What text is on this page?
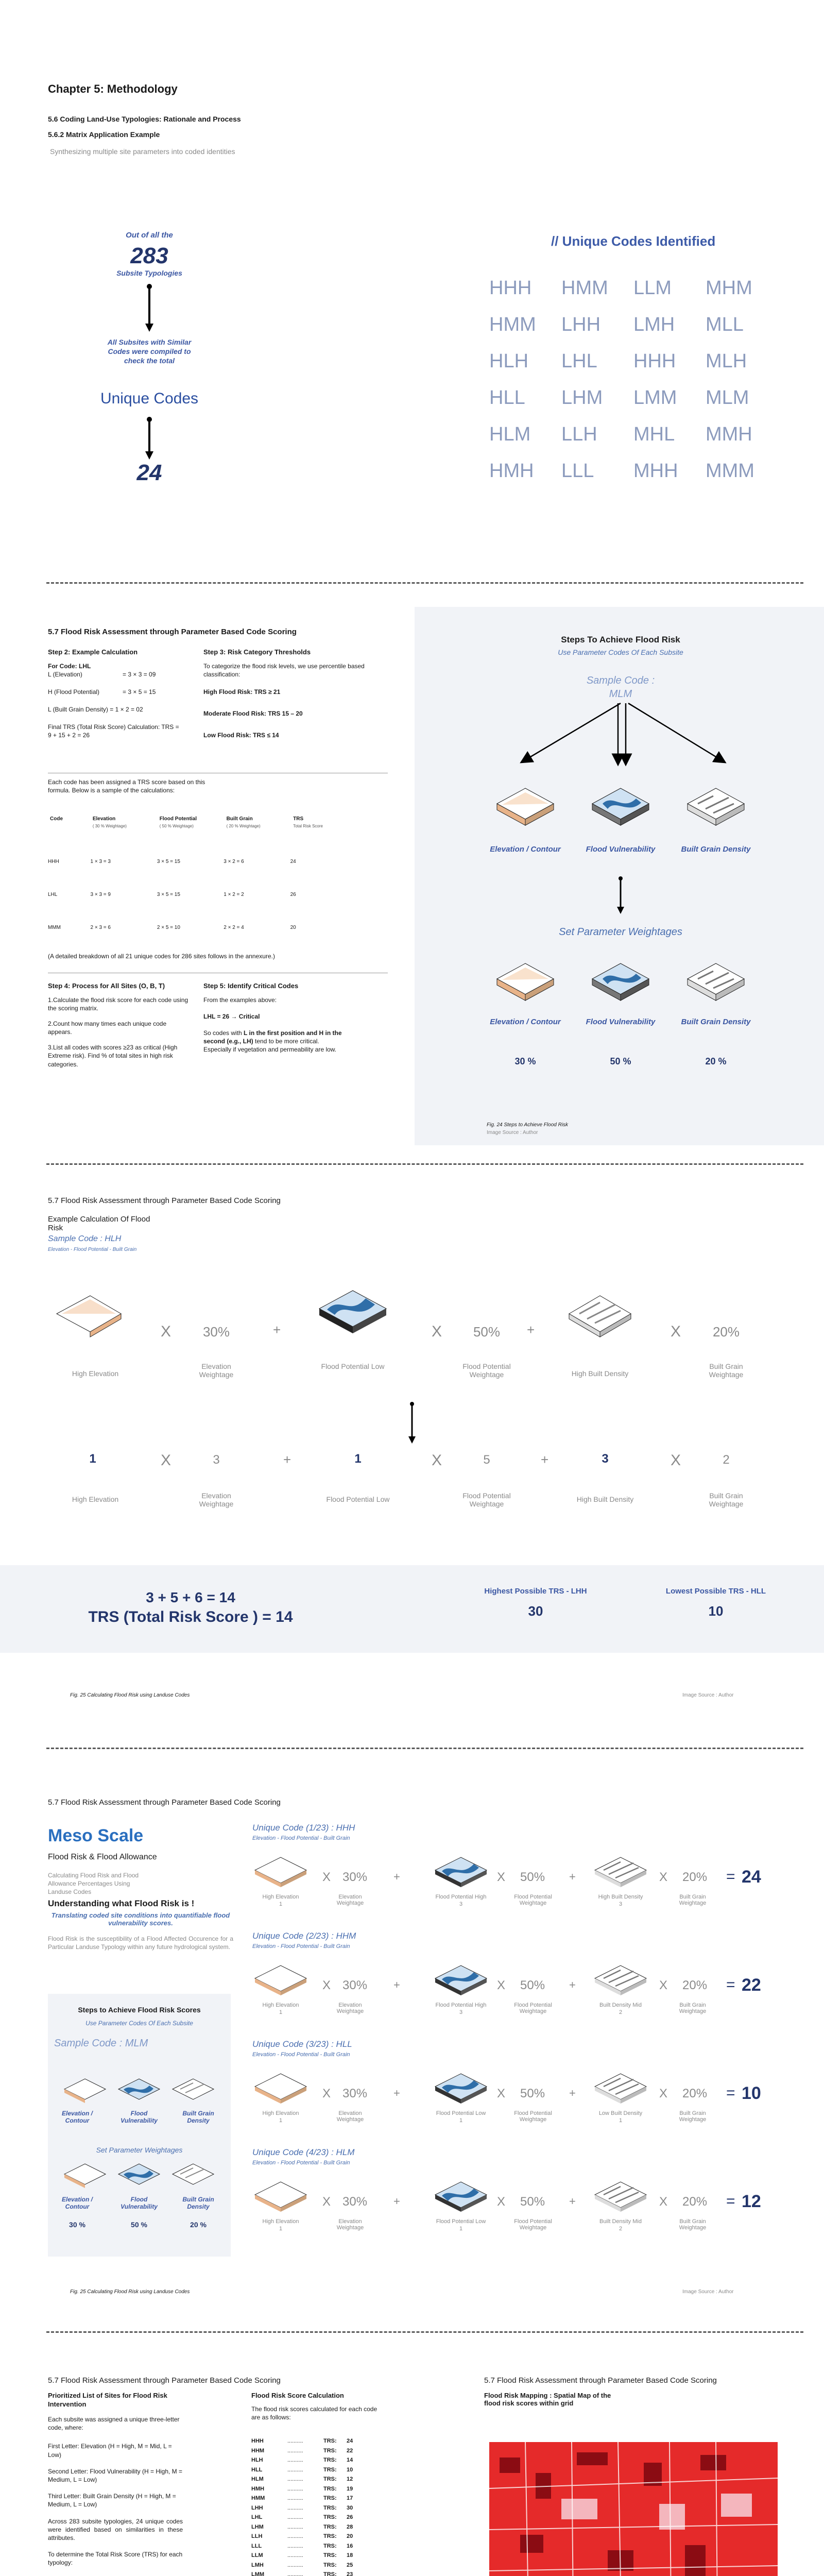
Chapter 5: Methodology
5.6 Coding Land-Use Typologies: Rationale and Process
5.6.2 Matrix Application Example
Synthesizing multiple site parameters into coded identities
Out of all the
283
Subsite Typologies
All Subsites with Similar Codes were compiled to check the total
Unique Codes
24
// Unique Codes Identified
HHH	HMM	LLM	MHM
HMM	LHH	LMH	MLL
HLH	LHL	HHH	MLH
HLL	LHM	LMM	MLM
HLM	LLH	MHL	MMH
HMH	LLL	MHH	MMM
5.7 Flood Risk Assessment through Parameter Based Code Scoring
Step 2: Example Calculation
For Code: LHL
L (Elevation)	= 3 × 3 = 09
H (Flood Potential)	= 3 × 5 = 15
L (Built Grain Density) = 1 × 2 = 02
Final TRS (Total Risk Score) Calculation: TRS = 9 + 15 + 2 = 26
Each code has been assigned a TRS score based on this formula. Below is a sample of the calculations:
Code	Elevation	Flood Potential	Built Grain	TRS
	( 30 % Weightage)	( 50 % Weightage)	( 20 % Weightage)	Total Risk Score
HHH	1 × 3 = 3	3 × 5 = 15	3 × 2 = 6	24
LHL	3 × 3 = 9	3 × 5 = 15	1 × 2 = 2	26
MMM	2 × 3 = 6	2 × 5 = 10	2 × 2 = 4	20
(A detailed breakdown of all 21 unique codes for 286 sites follows in the annexure.)
Step 3: Risk Category Thresholds
To categorize the flood risk levels, we use percentile based classification:
High Flood Risk: TRS ≥ 21
Moderate Flood Risk: TRS 15 – 20
Low Flood Risk: TRS ≤ 14
Step 4: Process for All Sites (O, B, T)
1.Calculate the flood risk score for each code using the scoring matrix.
2.Count how many times each unique code appears.
3.List all codes with scores ≥23 as critical (High Extreme risk). Find % of total sites in high risk categories.
Step 5: Identify Critical Codes
From the examples above:
LHL = 26 → Critical
So codes with L in the first position and H in the second (e.g., LH) tend to be more critical.
Especially if vegetation and permeability are low.
Steps To Achieve Flood Risk
Use Parameter Codes Of Each Subsite
Sample Code :
MLM
Elevation / Contour	Flood Vulnerability	Built Grain Density
Set Parameter Weightages
Elevation / Contour	Flood Vulnerability	Built Grain Density
30 %	50 %	20 %
Fig. 24 Steps to Achieve Flood Risk
Image Source : Author
5.7 Flood Risk Assessment through Parameter Based Code Scoring
Example Calculation Of Flood Risk
Sample Code : HLH
Elevation - Flood Potential - Built Grain
X	X	X
+	+
30%	50%	20%
High Elevation
Elevation Weightage
Flood Potential Low	Flood Potential Weightage	High Built Density
Built Grain Weightage
1	3	1	5	3	2
X	X	X
+	+
High Elevation	Elevation Weightage
Flood Potential Low	Flood Potential Weightage
High Built Density	Built Grain Weightage
3 + 5 + 6 = 14
TRS (Total Risk Score ) = 14
Highest Possible TRS - LHH
30
Lowest Possible TRS - HLL
10
Fig. 25 Calculating Flood Risk using Landuse Codes	Image Source : Author
5.7 Flood Risk Assessment through Parameter Based Code Scoring
Meso Scale
Flood Risk & Flood Allowance
Calculating Flood Risk and Flood Allowance Percentages Using Landuse Codes
Understanding what Flood Risk is !
Translating coded site conditions into quantifiable flood vulnerability scores.
Flood Risk is the susceptibility of a Flood Affected Occurence for a Particular Landuse Typology within any future hydrological system.
Steps to Achieve Flood Risk Scores
Use Parameter Codes Of Each Subsite
Sample Code : MLM
Elevation / Contour
Flood Vulnerability
Built Grain Density
Set Parameter Weightages
Elevation / Contour
Flood Vulnerability
Built Grain Density
30 %	50 %	20 %
Fig. 25 Calculating Flood Risk using Landuse Codes	Image Source : Author
Unique Code (1/23) : HHH
Elevation - Flood Potential - Built Grain
X 30% +	X 50% +	X 20% = 24
High Elevation
1
Elevation Weightage
Flood Potential High
3
Flood Potential Weightage
High Built Density
3
Built Grain Weightage
Unique Code (2/23) : HHM
Elevation - Flood Potential - Built Grain
X 30% +	X 50% +	X 20% = 22
High Elevation
1
Elevation Weightage
Flood Potential High
3
Flood Potential Weightage
Built Density Mid
2
Built Grain Weightage
Unique Code (3/23) : HLL
Elevation - Flood Potential - Built Grain
X 30% +	X 50% +	X 20% = 10
High Elevation
1
Elevation Weightage
Flood Potential Low
1
Flood Potential Weightage
Low Built Density
1
Built Grain Weightage
Unique Code (4/23) : HLM
Elevation - Flood Potential - Built Grain
X 30% +	X 50% +	X 20% = 12
High Elevation
1
Elevation Weightage
Flood Potential Low
1
Flood Potential Weightage
Built Density Mid
2
Built Grain Weightage
5.7 Flood Risk Assessment through Parameter Based Code Scoring
Prioritized List of Sites for Flood Risk Intervention
Each subsite was assigned a unique three-letter code, where:
First Letter: Elevation (H = High, M = Mid, L = Low)
Second Letter: Flood Vulnerability (H = High, M = Medium, L = Low)
Third Letter: Built Grain Density (H = High, M = Medium, L = Low)
Across 283 subsite typologies, 24 unique codes were identified based on similarities in these attributes.
To determine the Total Risk Score (TRS) for each typology:
Flood Risk Score Calculation
The flood risk scores calculated for each code are as follows:
HHH	..........	TRS:	24
HHM	..........	TRS:	22
HLH	..........	TRS:	14
HLL	..........	TRS:	10
HLM	..........	TRS:	12
HMH	..........	TRS:	19
HMM	..........	TRS:	17
LHH	..........	TRS:	30
LHL	..........	TRS:	26
LHM	..........	TRS:	28
LLH	..........	TRS:	20
LLL	..........	TRS:	16
LLM	..........	TRS:	18
LMH	..........	TRS:	25
LMM	..........	TRS:	23
5.7 Flood Risk Assessment through Parameter Based Code Scoring
Flood Risk Mapping : Spatial Map of the flood risk scores within grid
